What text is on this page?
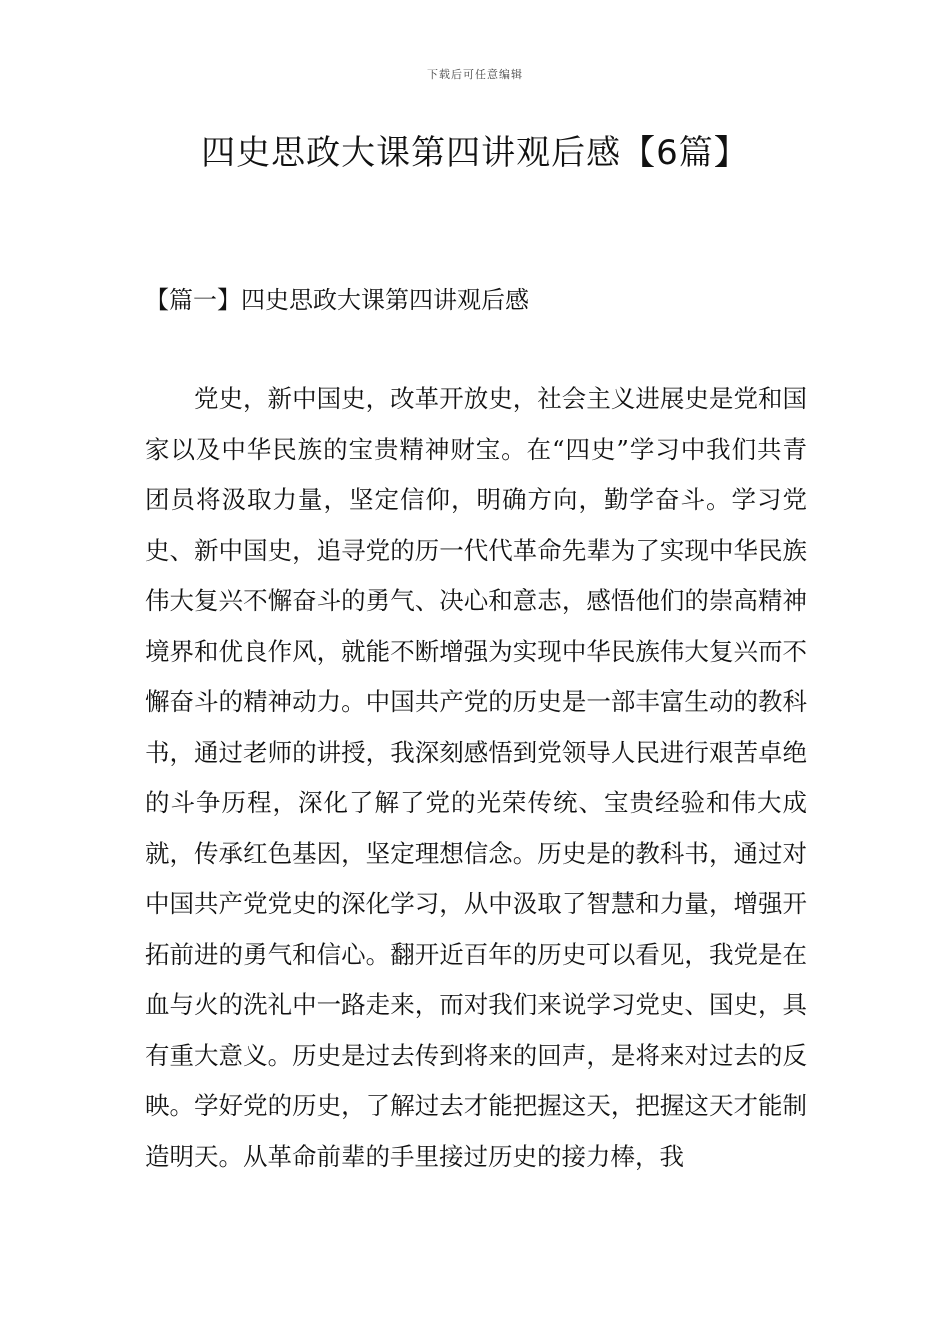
下载后可任意编辑
四史思政大课第四讲观后感【6篇】
【篇一】四史思政大课第四讲观后感
党史，新中国史，改革开放史，社会主义进展史是党和国家以及中华民族的宝贵精神财宝。在“四史”学习中我们共青团员将汲取力量，坚定信仰，明确方向，勤学奋斗。学习党史、新中国史，追寻党的历一代代革命先辈为了实现中华民族伟大复兴不懈奋斗的勇气、决心和意志，感悟他们的崇高精神境界和优良作风，就能不断增强为实现中华民族伟大复兴而不懈奋斗的精神动力。中国共产党的历史是一部丰富生动的教科书，通过老师的讲授，我深刻感悟到党领导人民进行艰苦卓绝的斗争历程，深化了解了党的光荣传统、宝贵经验和伟大成就，传承红色基因，坚定理想信念。历史是的教科书，通过对中国共产党党史的深化学习，从中汲取了智慧和力量，增强开拓前进的勇气和信心。翻开近百年的历史可以看见，我党是在血与火的洗礼中一路走来，而对我们来说学习党史、国史，具有重大意义。历史是过去传到将来的回声，是将来对过去的反映。学好党的历史，了解过去才能把握这天，把握这天才能制造明天。从革命前辈的手里接过历史的接力棒，我
